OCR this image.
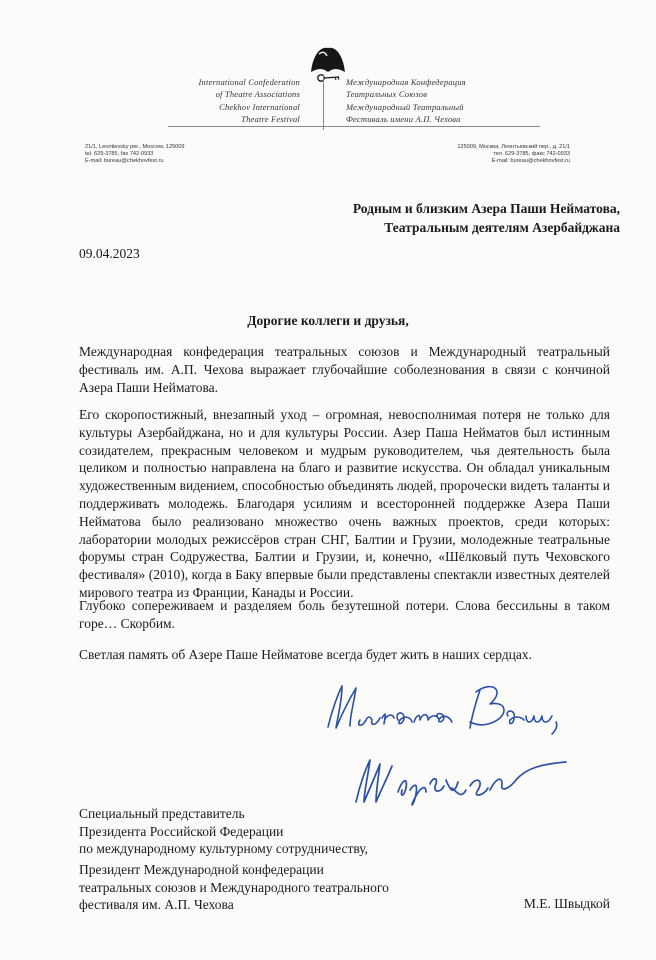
International Confederation
of Theatre Associations
Chekhov International
Theatre Festival
Международная Конфедерация
Театральных Союзов
Международный Театральный
Фестиваль имени А.П. Чехова
21/1, Leontievsky per., Moscow, 125009
tel. 629-3785, fax 742-0933
E-mail: bureau@chekhovfest.ru
125009, Москва, Леонтьевский пер., д. 21/1
тел. 629-3785, факс 742-0933
E-mail: bureau@chekhovfest.ru
Родным и близким Азера Паши Нейматова,
Театральным деятелям Азербайджана
09.04.2023
Дорогие коллеги и друзья,

Международная конфедерация театральных союзов и Международный театральный фестиваль им. А.П. Чехова выражает глубочайшие соболезнования в связи с кончиной Азера Паши Нейматова.

Его скоропостижный, внезапный уход – огромная, невосполнимая потеря не только для культуры Азербайджана, но и для культуры России. Азер Паша Нейматов был истинным созидателем, прекрасным человеком и мудрым руководителем, чья деятельность была целиком и полностью направлена на благо и развитие искусства. Он обладал уникальным художественным видением, способностью объединять людей, пророчески видеть таланты и поддерживать молодежь. Благодаря усилиям и всесторонней поддержке Азера Паши Нейматова было реализовано множество очень важных проектов, среди которых: лаборатории молодых режиссёров стран СНГ, Балтии и Грузии, молодежные театральные форумы стран Содружества, Балтии и Грузии, и, конечно, «Шёлковый путь Чеховского фестиваля» (2010), когда в Баку впервые были представлены спектакли известных деятелей мирового театра из Франции, Канады и России.

Глубоко сопереживаем и разделяем боль безутешной потери. Слова бессильны в таком горе… Скорбим.

Светлая память об Азере Паше Нейматове всегда будет жить в наших сердцах.

Специальный представитель
Президента Российской Федерации
по международному культурному сотрудничеству,
Президент Международной конфедерации
театральных союзов и Международного театрального
фестиваля им. А.П. Чехова	М.Е. Швыдкой
